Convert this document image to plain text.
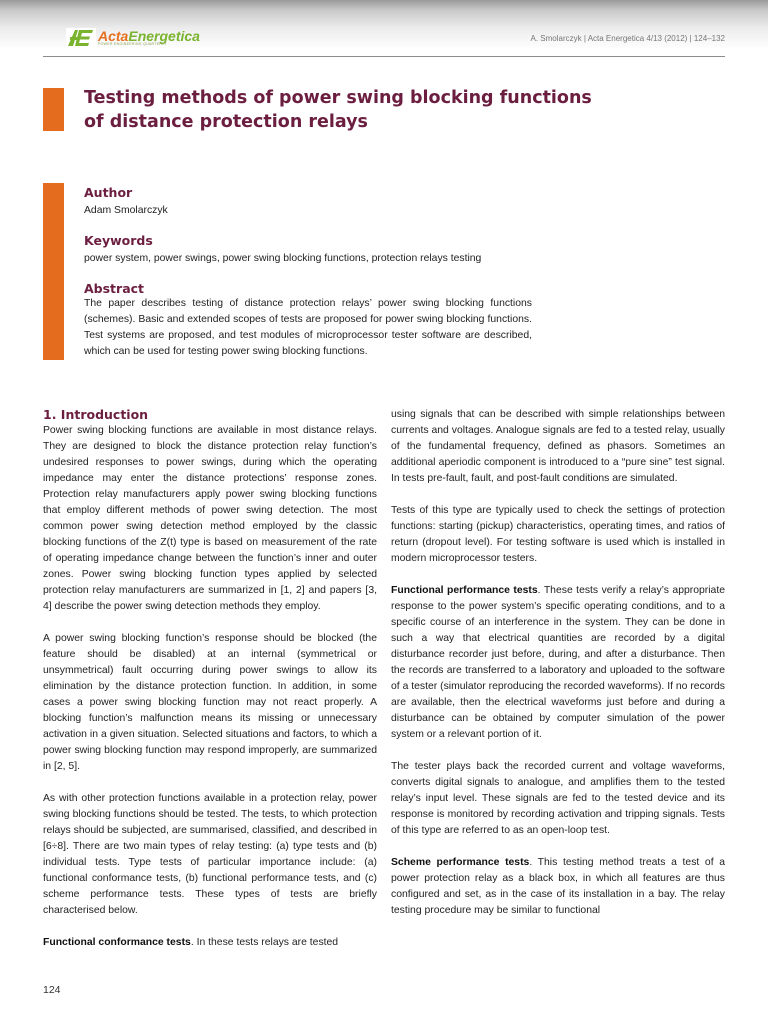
ActaEnergetica
POWER ENGINEERING QUARTERLY
A. Smolarczyk | Acta Energetica 4/13 (2012) | 124–132
Testing methods of power swing blocking functions
of distance protection relays
Author

Adam Smolarczyk

Keywords

power system, power swings, power swing blocking functions, protection relays testing

Abstract

The paper describes testing of distance protection relays’ power swing blocking functions (schemes). Basic and extended scopes of tests are proposed for power swing blocking functions. Test systems are proposed, and test modules of microprocessor tester software are described, which can be used for testing power swing blocking functions.

1. Introduction

Power swing blocking functions are available in most distance relays. They are designed to block the distance protection relay function’s undesired responses to power swings, during which the operating impedance may enter the distance protections’ response zones. Protection relay manufacturers apply power swing blocking functions that employ different methods of power swing detection. The most common power swing detection method employed by the classic blocking functions of the Z(t) type is based on measurement of the rate of operating impedance change between the function’s inner and outer zones. Power swing blocking function types applied by selected protection relay manufacturers are summarized in [1, 2] and papers [3, 4] describe the power swing detection methods they employ.

A power swing blocking function’s response should be blocked (the feature should be disabled) at an internal (symmetrical or unsymmetrical) fault occurring during power swings to allow its elimination by the distance protection function. In addition, in some cases a power swing blocking function may not react properly. A blocking function’s malfunction means its missing or unnecessary activation in a given situation. Selected situations and factors, to which a power swing blocking function may respond improperly, are summarized in [2, 5].

As with other protection functions available in a protection relay, power swing blocking functions should be tested. The tests, to which protection relays should be subjected, are summarised, classified, and described in [6÷8]. There are two main types of relay testing: (a) type tests and (b) individual tests. Type tests of particular importance include: (a) functional conformance tests, (b) functional performance tests, and (c) scheme performance tests. These types of tests are briefly characterised below.

Functional conformance tests. In these tests relays are tested

using signals that can be described with simple relationships between currents and voltages. Analogue signals are fed to a tested relay, usually of the fundamental frequency, defined as phasors. Sometimes an additional aperiodic component is introduced to a “pure sine” test signal. In tests pre-fault, fault, and post-fault conditions are simulated.

Tests of this type are typically used to check the settings of protection functions: starting (pickup) characteristics, operating times, and ratios of return (dropout level). For testing software is used which is installed in modern microprocessor testers.

Functional performance tests. These tests verify a relay’s appropriate response to the power system’s specific operating conditions, and to a specific course of an interference in the system. They can be done in such a way that electrical quantities are recorded by a digital disturbance recorder just before, during, and after a disturbance. Then the records are transferred to a laboratory and uploaded to the software of a tester (simulator reproducing the recorded waveforms). If no records are available, then the electrical waveforms just before and during a disturbance can be obtained by computer simulation of the power system or a relevant portion of it.

The tester plays back the recorded current and voltage waveforms, converts digital signals to analogue, and amplifies them to the tested relay’s input level. These signals are fed to the tested device and its response is monitored by recording activation and tripping signals. Tests of this type are referred to as an open-loop test.

Scheme performance tests. This testing method treats a test of a power protection relay as a black box, in which all features are thus configured and set, as in the case of its installation in a bay. The relay testing procedure may be similar to functional

124
